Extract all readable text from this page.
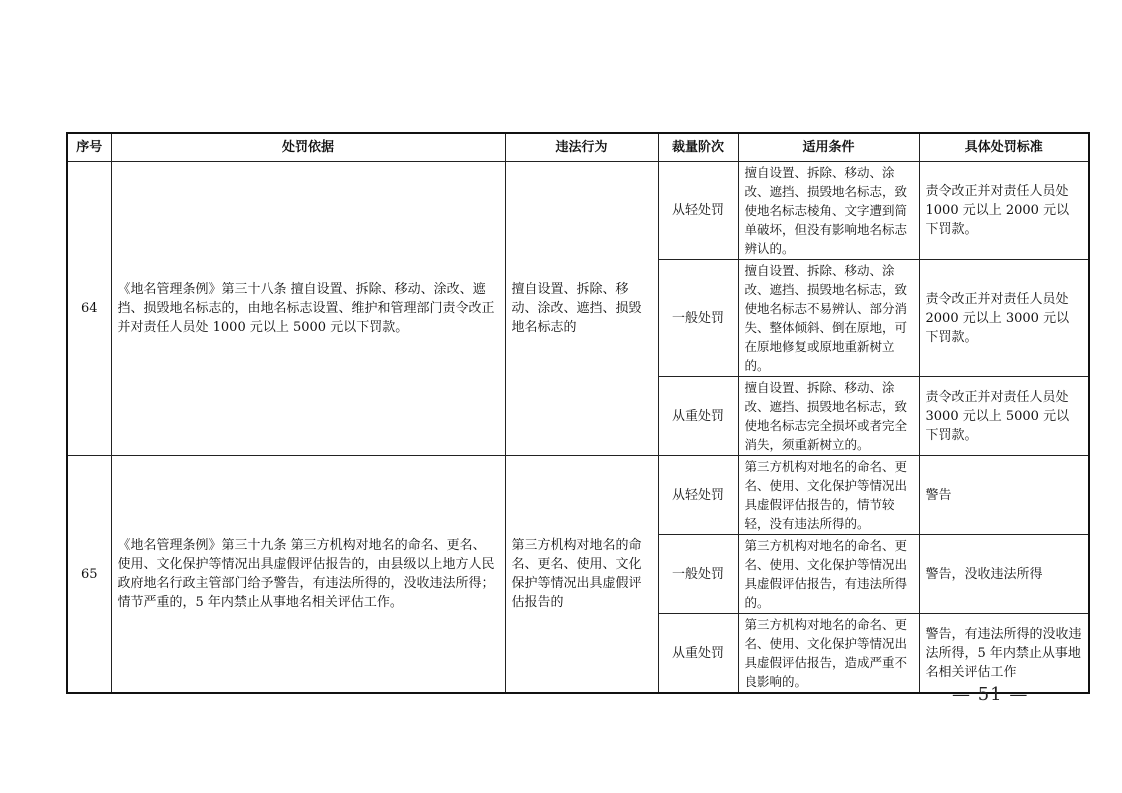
序号	处罚依据	违法行为	裁量阶次	适用条件	具体处罚标准
64	《地名管理条例》第三十八条 擅自设置、拆除、移动、涂改、遮挡、损毁地名标志的，由地名标志设置、维护和管理部门责令改正并对责任人员处 1000 元以上 5000 元以下罚款。	擅自设置、拆除、移动、涂改、遮挡、损毁地名标志的	从轻处罚	擅自设置、拆除、移动、涂改、遮挡、损毁地名标志，致使地名标志棱角、文字遭到简单破坏，但没有影响地名标志辨认的。	责令改正并对责任人员处 1000 元以上 2000 元以下罚款。
			一般处罚	擅自设置、拆除、移动、涂改、遮挡、损毁地名标志，致使地名标志不易辨认、部分消失、整体倾斜、倒在原地，可在原地修复或原地重新树立的。	责令改正并对责任人员处 2000 元以上 3000 元以下罚款。
			从重处罚	擅自设置、拆除、移动、涂改、遮挡、损毁地名标志，致使地名标志完全损坏或者完全消失，须重新树立的。	责令改正并对责任人员处 3000 元以上 5000 元以下罚款。
65	《地名管理条例》第三十九条 第三方机构对地名的命名、更名、使用、文化保护等情况出具虚假评估报告的，由县级以上地方人民政府地名行政主管部门给予警告，有违法所得的，没收违法所得；情节严重的，5 年内禁止从事地名相关评估工作。	第三方机构对地名的命名、更名、使用、文化保护等情况出具虚假评估报告的	从轻处罚	第三方机构对地名的命名、更名、使用、文化保护等情况出具虚假评估报告的，情节较轻，没有违法所得的。	警告
			一般处罚	第三方机构对地名的命名、更名、使用、文化保护等情况出具虚假评估报告，有违法所得的。	警告，没收违法所得
			从重处罚	第三方机构对地名的命名、更名、使用、文化保护等情况出具虚假评估报告，造成严重不良影响的。	警告，有违法所得的没收违法所得，5 年内禁止从事地名相关评估工作
— 51 —
